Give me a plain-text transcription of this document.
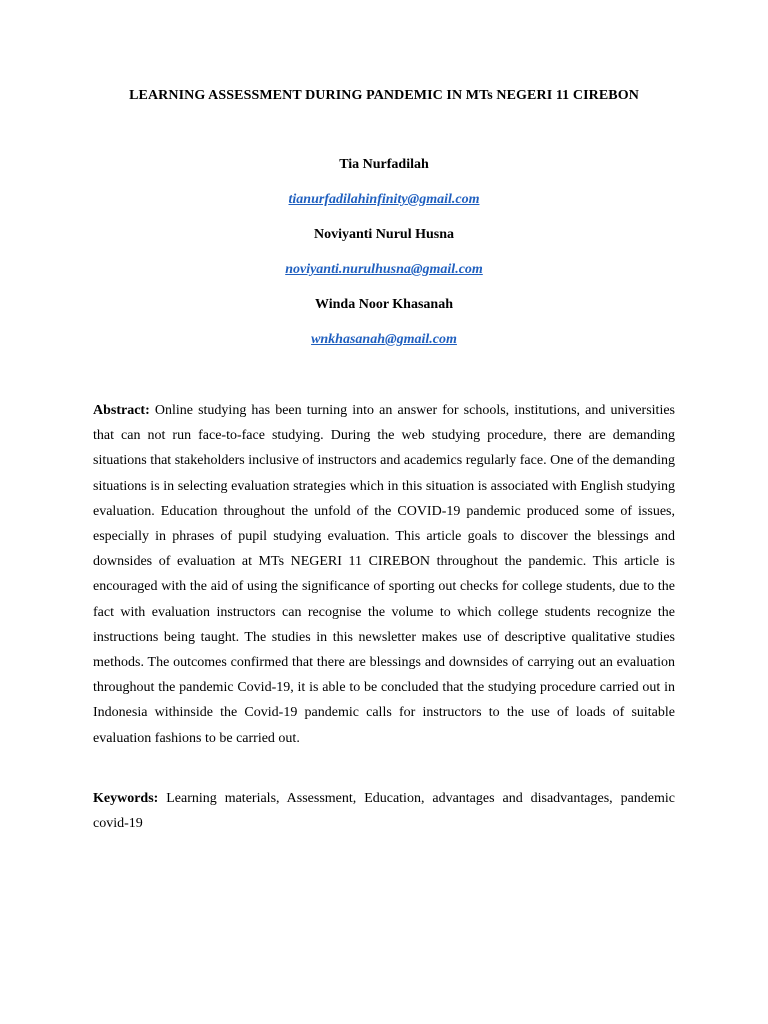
LEARNING ASSESSMENT DURING PANDEMIC IN MTs NEGERI 11 CIREBON
Tia Nurfadilah
tianurfadilahinfinity@gmail.com
Noviyanti Nurul Husna
noviyanti.nurulhusna@gmail.com
Winda Noor Khasanah
wnkhasanah@gmail.com
Abstract: Online studying has been turning into an answer for schools, institutions, and universities that can not run face-to-face studying. During the web studying procedure, there are demanding situations that stakeholders inclusive of instructors and academics regularly face. One of the demanding situations is in selecting evaluation strategies which in this situation is associated with English studying evaluation. Education throughout the unfold of the COVID-19 pandemic produced some of issues, especially in phrases of pupil studying evaluation. This article goals to discover the blessings and downsides of evaluation at MTs NEGERI 11 CIREBON throughout the pandemic. This article is encouraged with the aid of using the significance of sporting out checks for college students, due to the fact with evaluation instructors can recognise the volume to which college students recognize the instructions being taught. The studies in this newsletter makes use of descriptive qualitative studies methods. The outcomes confirmed that there are blessings and downsides of carrying out an evaluation throughout the pandemic Covid-19, it is able to be concluded that the studying procedure carried out in Indonesia withinside the Covid-19 pandemic calls for instructors to the use of loads of suitable evaluation fashions to be carried out.
Keywords: Learning materials, Assessment, Education, advantages and disadvantages, pandemic covid-19
